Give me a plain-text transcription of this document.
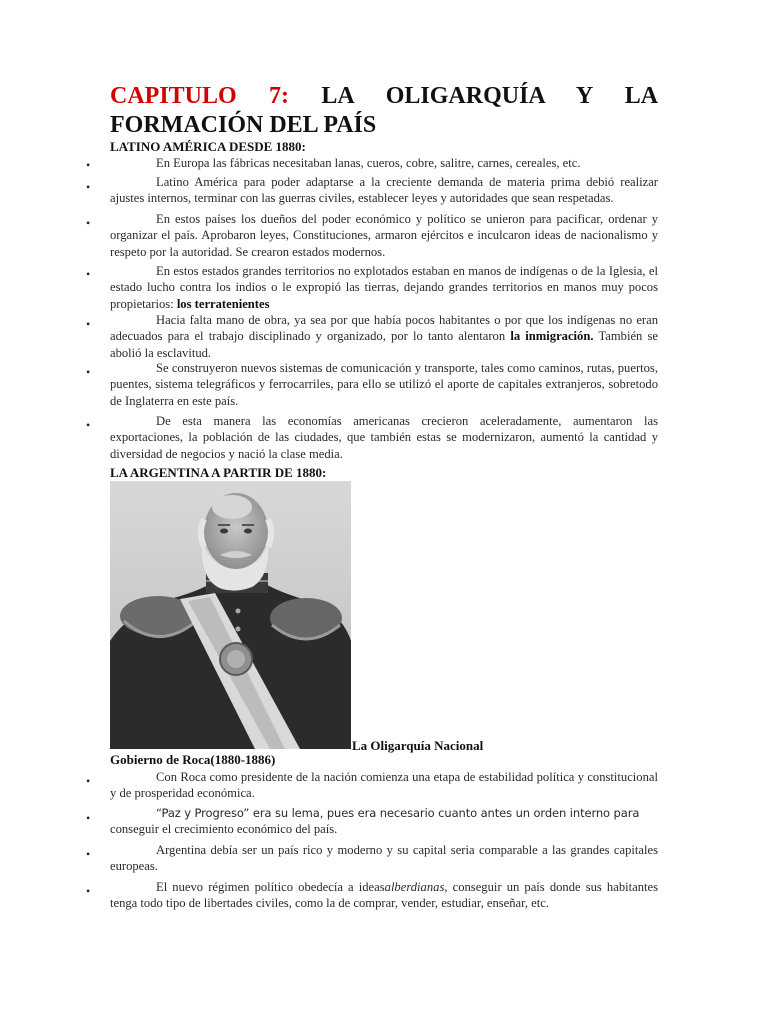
CAPITULO 7: LA OLIGARQUÍA Y LA
FORMACIÓN DEL PAÍS
LATINO AMÉRICA DESDE 1880:
•	En Europa las fábricas necesitaban lanas, cueros, cobre, salitre, carnes, cereales, etc.
•	Latino América para poder adaptarse a la creciente demanda de materia prima debió realizar ajustes internos, terminar con las guerras civiles, establecer leyes y autoridades que sean respetadas.
•	En estos países los dueños del poder económico y político se unieron para pacificar, ordenar y organizar el país. Aprobaron leyes, Constituciones, armaron ejércitos e inculcaron ideas de nacionalismo y respeto por la autoridad. Se crearon estados modernos.
•	En estos estados grandes territorios no explotados estaban en manos de indígenas o de la Iglesia, el estado lucho contra los indios o le expropió las tierras, dejando grandes territorios en manos muy pocos propietarios: los terratenientes
•	Hacia falta mano de obra, ya sea por que había pocos habitantes o por que los indígenas no eran adecuados para el trabajo disciplinado y organizado, por lo tanto alentaron la inmigración. También se abolió la esclavitud.
•	Se construyeron nuevos sistemas de comunicación y transporte, tales como caminos, rutas, puertos, puentes, sistema telegráficos y ferrocarriles, para ello se utilizó el aporte de capitales extranjeros, sobretodo de Inglaterra en este país.
•	De esta manera las economías americanas crecieron aceleradamente, aumentaron las exportaciones, la población de las ciudades, que también estas se modernizaron, aumentó la cantidad y diversidad de negocios y nació la clase media.
LA ARGENTINA A PARTIR DE 1880:
La Oligarquía Nacional
Gobierno de Roca(1880-1886)
•	Con Roca como presidente de la nación comienza una etapa de estabilidad política y constitucional y de prosperidad económica.
•	“Paz y Progreso” era su lema, pues era necesario cuanto antes un orden interno para
conseguir el crecimiento económico del país.
•	Argentina debía ser un país rico y moderno y su capital seria comparable a las grandes capitales europeas.
•	El nuevo régimen político obedecía a ideasalberdianas, conseguir un país donde sus habitantes tenga todo tipo de libertades civiles, como la de comprar, vender, estudiar, enseñar, etc.
